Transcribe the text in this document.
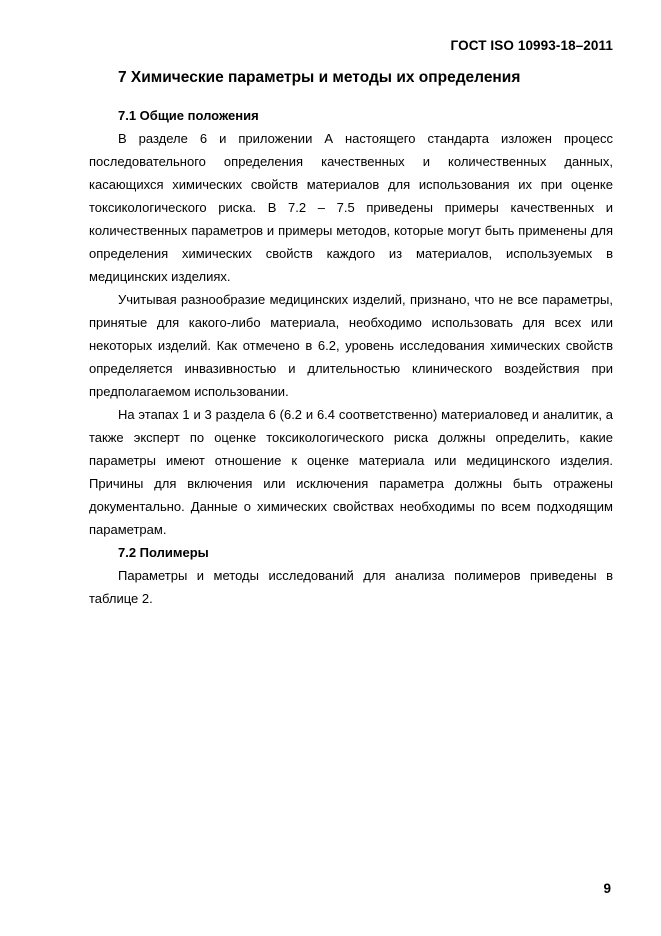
ГОСТ ISO 10993-18–2011
7 Химические параметры и методы их определения

7.1 Общие положения

В разделе 6 и приложении А настоящего стандарта изложен процесс последовательного определения качественных и количественных данных, касающихся химических свойств материалов для использования их при оценке токсикологического риска. В 7.2 – 7.5 приведены примеры качественных и количественных параметров и примеры методов, которые могут быть применены для определения химических свойств каждого из материалов, используемых в медицинских изделиях.

Учитывая разнообразие медицинских изделий, признано, что не все параметры, принятые для какого-либо материала, необходимо использовать для всех или некоторых изделий. Как отмечено в 6.2, уровень исследования химических свойств определяется инвазивностью и длительностью клинического воздействия при предполагаемом использовании.

На этапах 1 и 3 раздела 6 (6.2 и 6.4 соответственно) материаловед и аналитик, а также эксперт по оценке токсикологического риска должны определить, какие параметры имеют отношение к оценке материала или медицинского изделия. Причины для включения или исключения параметра должны быть отражены документально. Данные о химических свойствах необходимы по всем подходящим параметрам.

7.2 Полимеры

Параметры и методы исследований для анализа полимеров приведены в таблице 2.

9
